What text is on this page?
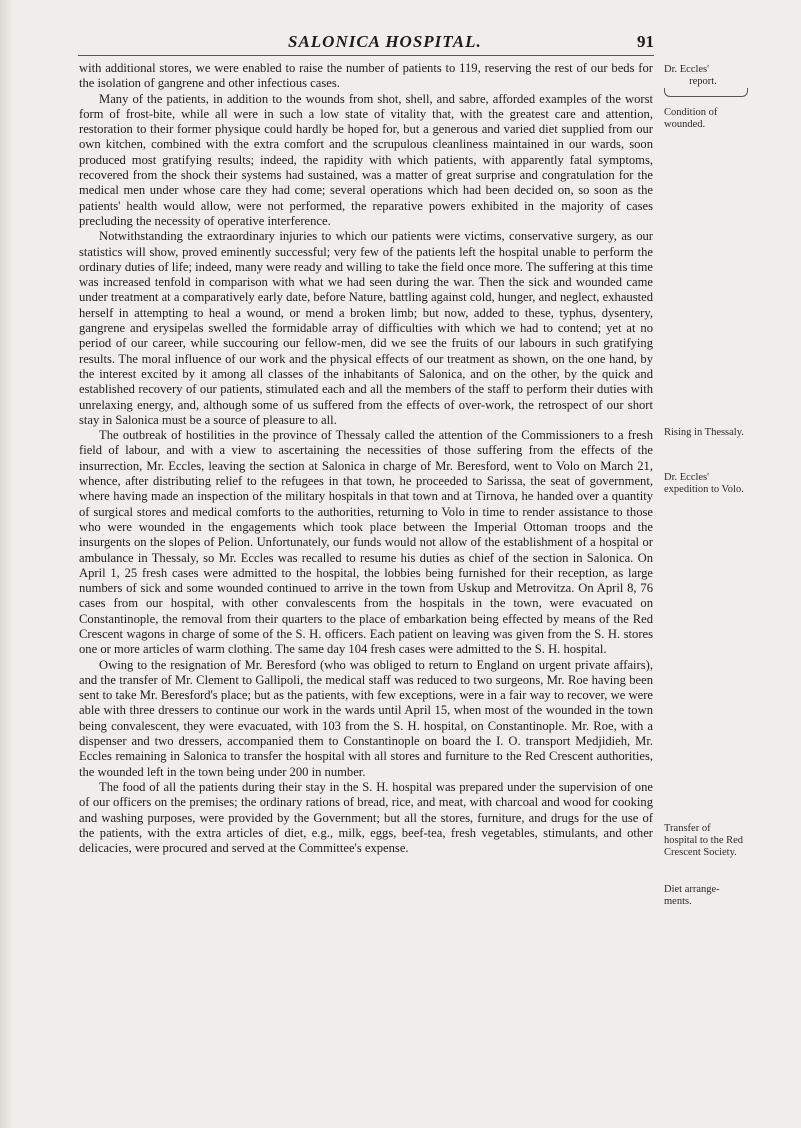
SALONICA HOSPITAL.	91

with additional stores, we were enabled to raise the number of patients to 119, reserving the rest of our beds for the isolation of gangrene and other infectious cases.

Many of the patients, in addition to the wounds from shot, shell, and sabre, afforded examples of the worst form of frost-bite, while all were in such a low state of vitality that, with the greatest care and attention, restoration to their former physique could hardly be hoped for, but a generous and varied diet supplied from our own kitchen, combined with the extra comfort and the scrupulous cleanliness maintained in our wards, soon produced most gratifying results; indeed, the rapidity with which patients, with apparently fatal symptoms, recovered from the shock their systems had sustained, was a matter of great surprise and congratulation for the medical men under whose care they had come; several operations which had been decided on, so soon as the patients' health would allow, were not performed, the reparative powers exhibited in the majority of cases precluding the necessity of operative interference.

Notwithstanding the extraordinary injuries to which our patients were victims, conservative surgery, as our statistics will show, proved eminently successful; very few of the patients left the hospital unable to perform the ordinary duties of life; indeed, many were ready and willing to take the field once more. The suffering at this time was increased tenfold in comparison with what we had seen during the war. Then the sick and wounded came under treatment at a comparatively early date, before Nature, battling against cold, hunger, and neglect, exhausted herself in attempting to heal a wound, or mend a broken limb; but now, added to these, typhus, dysentery, gangrene and erysipelas swelled the formidable array of difficulties with which we had to contend; yet at no period of our career, while succouring our fellow-men, did we see the fruits of our labours in such gratifying results. The moral influence of our work and the physical effects of our treatment as shown, on the one hand, by the interest excited by it among all classes of the inhabitants of Salonica, and on the other, by the quick and established recovery of our patients, stimulated each and all the members of the staff to perform their duties with unrelaxing energy, and, although some of us suffered from the effects of over-work, the retrospect of our short stay in Salonica must be a source of pleasure to all.

The outbreak of hostilities in the province of Thessaly called the attention of the Commissioners to a fresh field of labour, and with a view to ascertaining the necessities of those suffering from the effects of the insurrection, Mr. Eccles, leaving the section at Salonica in charge of Mr. Beresford, went to Volo on March 21, whence, after distributing relief to the refugees in that town, he proceeded to Sarissa, the seat of government, where having made an inspection of the military hospitals in that town and at Tirnova, he handed over a quantity of surgical stores and medical comforts to the authorities, returning to Volo in time to render assistance to those who were wounded in the engagements which took place between the Imperial Ottoman troops and the insurgents on the slopes of Pelion. Unfortunately, our funds would not allow of the establishment of a hospital or ambulance in Thessaly, so Mr. Eccles was recalled to resume his duties as chief of the section in Salonica. On April 1, 25 fresh cases were admitted to the hospital, the lobbies being furnished for their reception, as large numbers of sick and some wounded continued to arrive in the town from Uskup and Metrovitza. On April 8, 76 cases from our hospital, with other convalescents from the hospitals in the town, were evacuated on Constantinople, the removal from their quarters to the place of embarkation being effected by means of the Red Crescent wagons in charge of some of the S. H. officers. Each patient on leaving was given from the S. H. stores one or more articles of warm clothing. The same day 104 fresh cases were admitted to the S. H. hospital.

Owing to the resignation of Mr. Beresford (who was obliged to return to England on urgent private affairs), and the transfer of Mr. Clement to Gallipoli, the medical staff was reduced to two surgeons, Mr. Roe having been sent to take Mr. Beresford's place; but as the patients, with few exceptions, were in a fair way to recover, we were able with three dressers to continue our work in the wards until April 15, when most of the wounded in the town being convalescent, they were evacuated, with 103 from the S. H. hospital, on Constantinople. Mr. Roe, with a dispenser and two dressers, accompanied them to Constantinople on board the I. O. transport Medjidieh, Mr. Eccles remaining in Salonica to transfer the hospital with all stores and furniture to the Red Crescent authorities, the wounded left in the town being under 200 in number.

The food of all the patients during their stay in the S. H. hospital was prepared under the supervision of one of our officers on the premises; the ordinary rations of bread, rice, and meat, with charcoal and wood for cooking and washing purposes, were provided by the Government; but all the stores, furniture, and drugs for the use of the patients, with the extra articles of diet, e.g., milk, eggs, beef-tea, fresh vegetables, stimulants, and other delicacies, were procured and served at the Committee's expense.

Dr. Eccles'
report.
Condition of wounded.
Rising in Thessaly.
Dr. Eccles' expedition to Volo.
Transfer of hospital to the Red Crescent Society.
Diet arrange-ments.
